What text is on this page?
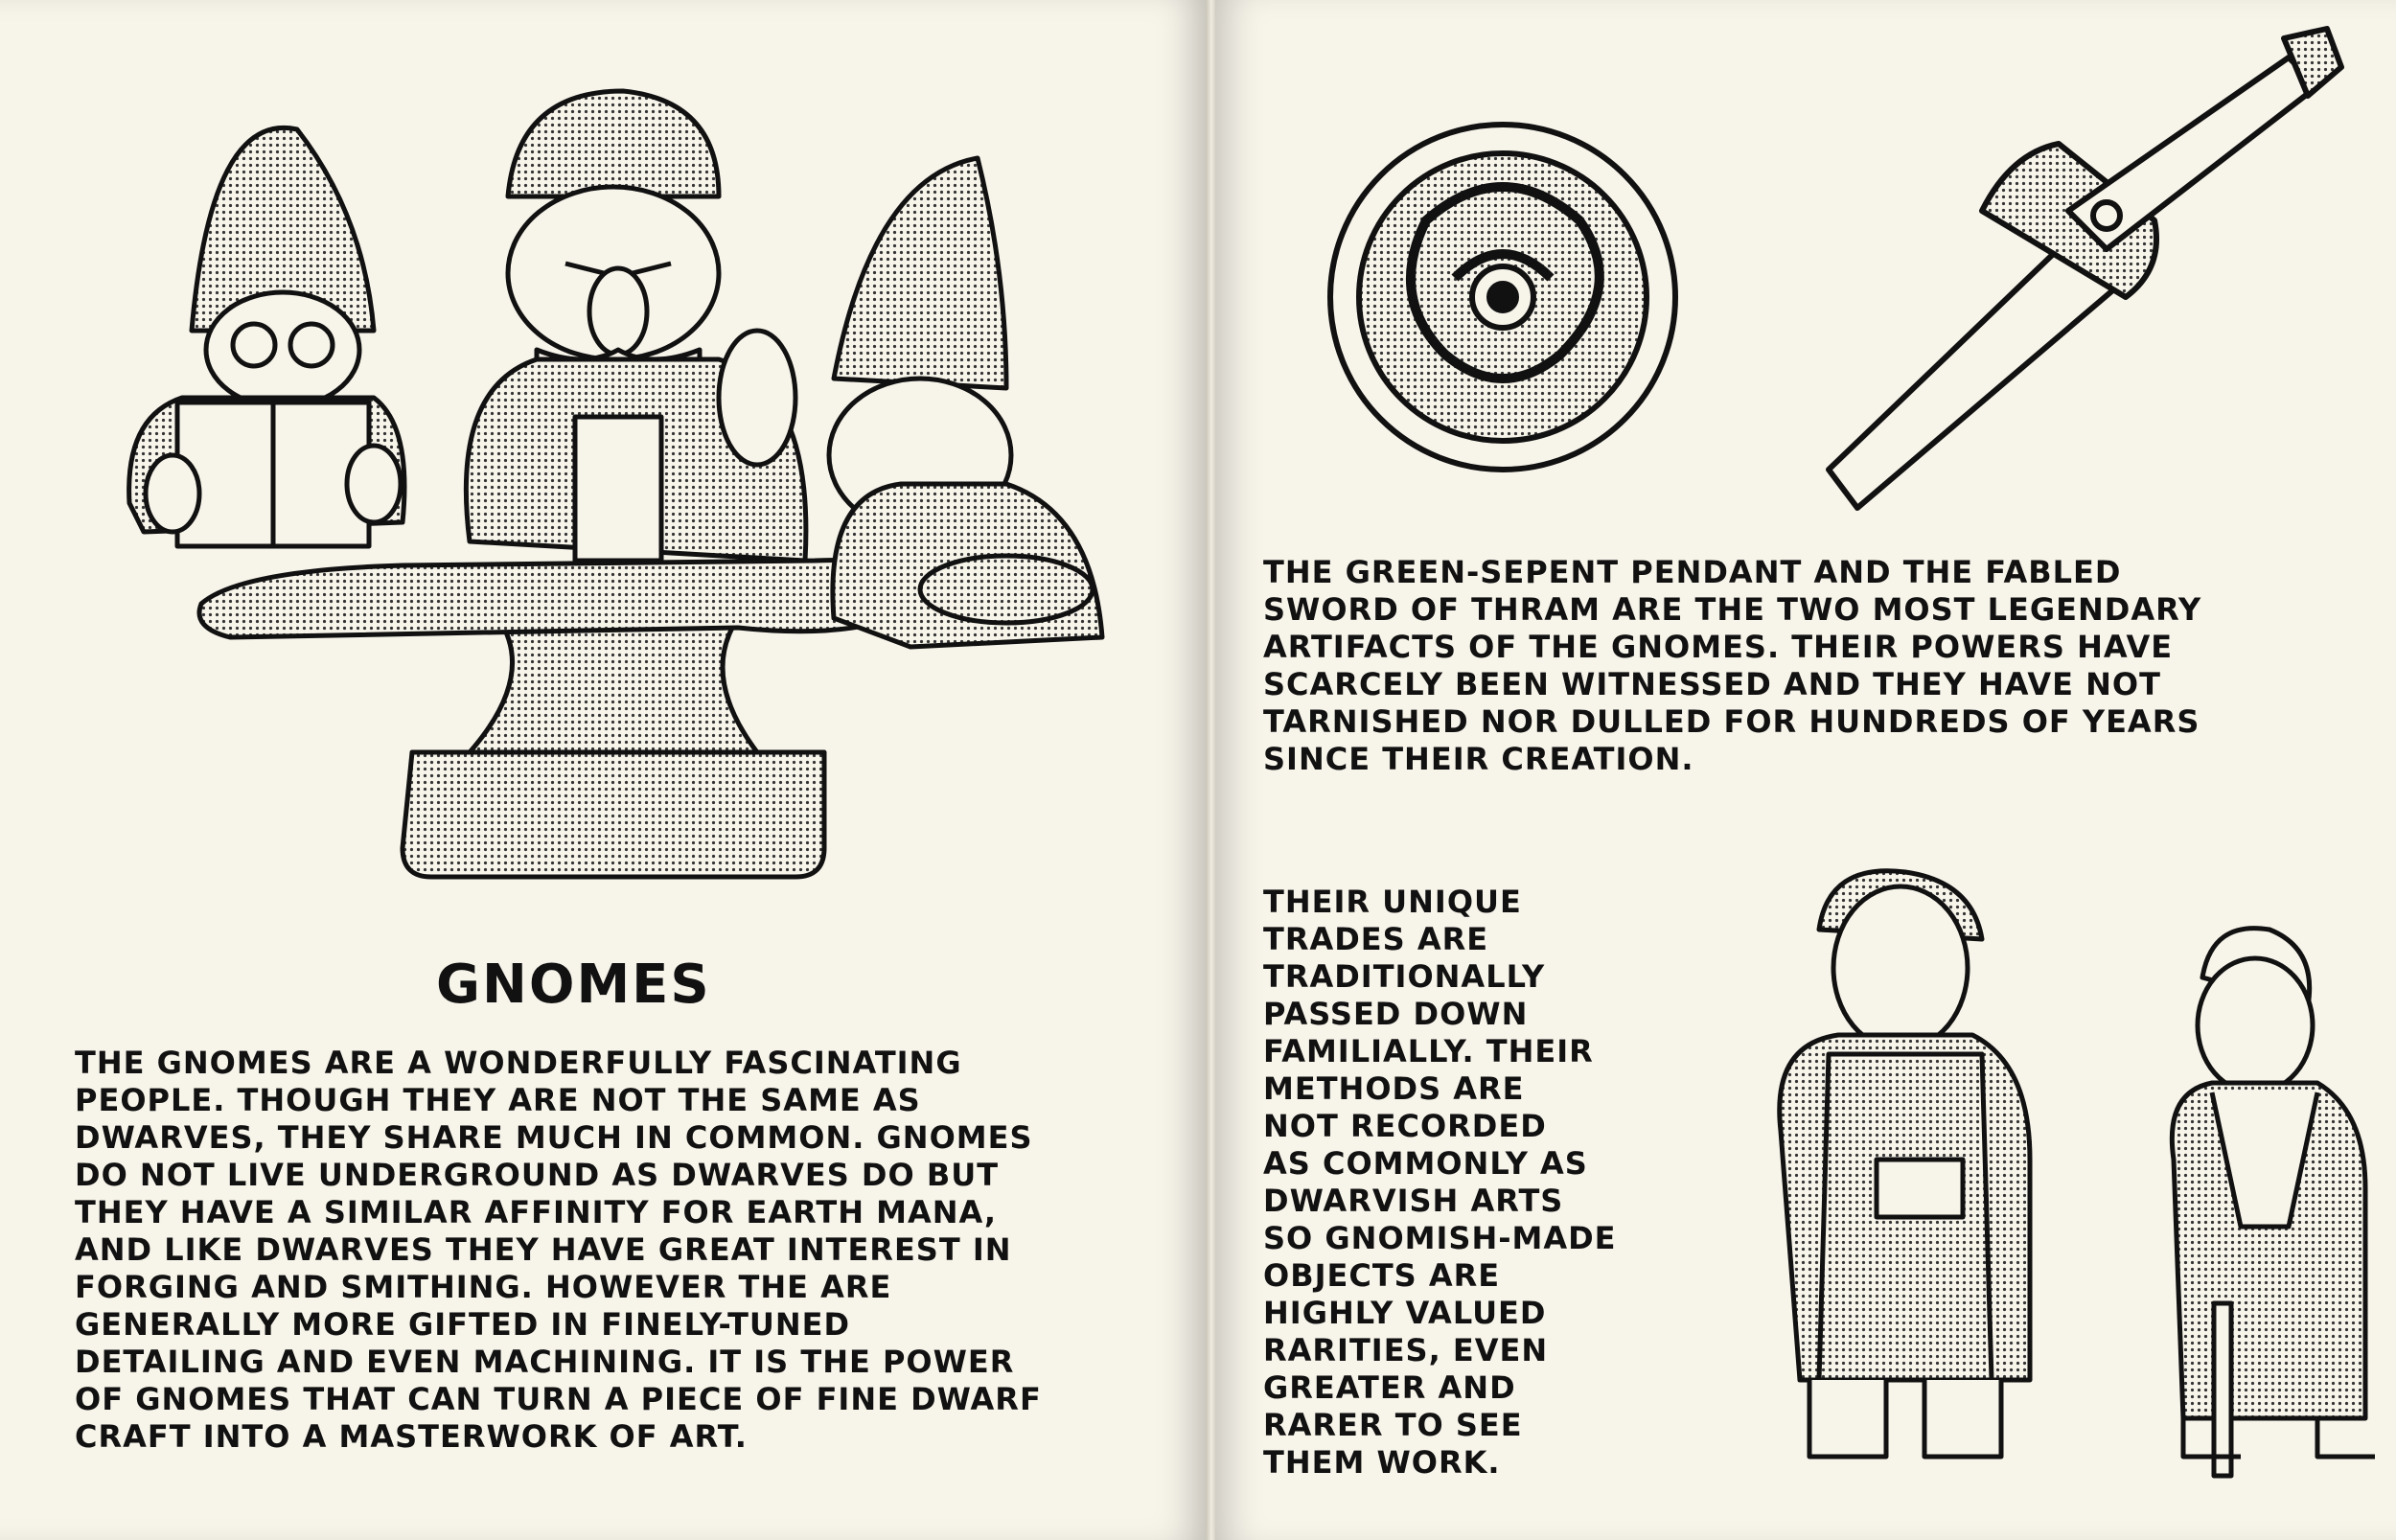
GNOMES
THE GNOMES ARE A WONDERFULLY FASCINATING
PEOPLE. THOUGH THEY ARE NOT THE SAME AS
DWARVES, THEY SHARE MUCH IN COMMON. GNOMES
DO NOT LIVE UNDERGROUND AS DWARVES DO BUT
THEY HAVE A SIMILAR AFFINITY FOR EARTH MANA,
AND LIKE DWARVES THEY HAVE GREAT INTEREST IN
FORGING AND SMITHING. HOWEVER THE ARE
GENERALLY MORE GIFTED IN FINELY-TUNED
DETAILING AND EVEN MACHINING. IT IS THE POWER
OF GNOMES THAT CAN TURN A PIECE OF FINE DWARF
CRAFT INTO A MASTERWORK OF ART.
THE GREEN-SEPENT PENDANT AND THE FABLED
SWORD OF THRAM ARE THE TWO MOST LEGENDARY
ARTIFACTS OF THE GNOMES. THEIR POWERS HAVE
SCARCELY BEEN WITNESSED AND THEY HAVE NOT
TARNISHED NOR DULLED FOR HUNDREDS OF YEARS
SINCE THEIR CREATION.
THEIR UNIQUE
TRADES ARE
TRADITIONALLY
PASSED DOWN
FAMILIALLY. THEIR
METHODS ARE
NOT RECORDED
AS COMMONLY AS
DWARVISH ARTS
SO GNOMISH-MADE
OBJECTS ARE
HIGHLY VALUED
RARITIES, EVEN
GREATER AND
RARER TO SEE
THEM WORK.
